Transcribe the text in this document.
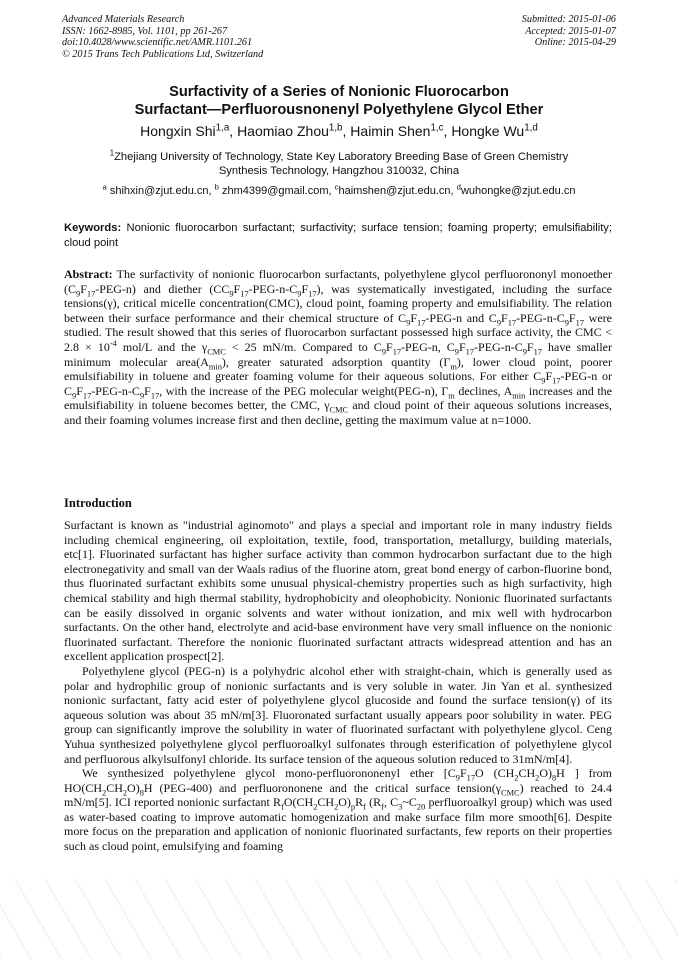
Advanced Materials Research
ISSN: 1662-8985, Vol. 1101, pp 261-267
doi:10.4028/www.scientific.net/AMR.1101.261
© 2015 Trans Tech Publications Ltd, Switzerland
Submitted: 2015-01-06
Accepted: 2015-01-07
Online: 2015-04-29
Surfactivity of a Series of Nonionic Fluorocarbon
Surfactant—Perfluorousnonenyl Polyethylene Glycol Ether
Hongxin Shi$^{1,a}$, Haomiao Zhou$^{1,b}$, Haimin Shen$^{1,c}$, Hongke Wu$^{1,d}$
$^1$Zhejiang University of Technology, State Key Laboratory Breeding Base of Green Chemistry
Synthesis Technology, Hangzhou 310032, China
$^a$ shihxin@zjut.edu.cn, $^b$ zhm4399@gmail.com, $^c$haimshen@zjut.edu.cn, $^d$wuhongke@zjut.edu.cn
Keywords: Nonionic fluorocarbon surfactant; surfactivity; surface tension; foaming property; emulsifiability; cloud point

Abstract: The surfactivity of nonionic fluorocarbon surfactants, polyethylene glycol perfluorononyl monoether $(C_9F_{17}-PEG-n)$ and diether $(CC_9F_{17}-PEG-n-C_9F_{17})$, was systematically investigated, including the surface tensions(γ), critical micelle concentration(CMC), cloud point, foaming property and emulsifiability. The relation between their surface performance and their chemical structure of $C_9F_{17}-PEG-n$ and $C_9F_{17}-PEG-n-C_9F_{17}$ were studied. The result showed that this series of fluorocarbon surfactant possessed high surface activity, the CMC < $2.8 \times 10^{-4}$ mol/L and the $\gamma_{CMC} < 25$ mN/m. Compared to $C_9F_{17}-PEG-n$, $C_9F_{17}-PEG-n-C_9F_{17}$ have smaller minimum molecular $area(A_{min})$, greater saturated adsorption quantity $(\Gamma_m)$, lower cloud point, poorer emulsifiability in toluene and greater foaming volume for their aqueous solutions. For either $C_9F_{17}-PEG-n$ or $C_9F_{17}-PEG-n-C_9F_{17}$, with the increase of the PEG molecular weight(PEG-n), $\Gamma_m$ declines, $A_{min}$ increases and the emulsifiability in toluene becomes better, the CMC, $\gamma_{CMC}$ and cloud point of their aqueous solutions increases, and their foaming volumes increase first and then decline, getting the maximum value at n=1000.

Introduction

Surfactant is known as "industrial aginomoto" and plays a special and important role in many industry fields including chemical engineering, oil exploitation, textile, food, transportation, metallurgy, building materials, etc[1]. Fluorinated surfactant has higher surface activity than common hydrocarbon surfactant due to the high electronegativity and small van der Waals radius of the fluorine atom, great bond energy of carbon-fluorine bond, thus fluorinated surfactant exhibits some unusual physical-chemistry properties such as high surfactivity, high chemical stability and high thermal stability, hydrophobicity and oleophobicity. Nonionic fluorinated surfactants can be easily dissolved in organic solvents and water without ionization, and mix well with hydrocarbon surfactants. On the other hand, electrolyte and acid-base environment have very small influence on the nonionic fluorinated surfactant. Therefore the nonionic fluorinated surfactant attracts widespread attention and has an excellent application prospect[2].

Polyethylene glycol (PEG-n) is a polyhydric alcohol ether with straight-chain, which is generally used as polar and hydrophilic group of nonionic surfactants and is very soluble in water. Jin Yan et al. synthesized nonionic surfactant, fatty acid ester of polyethylene glycol glucoside and found the surface tension(γ) of its aqueous solution was about 35 mN/m[3]. Fluoronated surfactant usually appears poor solubility in water. PEG group can significantly improve the solubility in water of fluorinated surfactant with polyethylene glycol. Ceng Yuhua synthesized polyethylene glycol perfluoroalkyl sulfonates through esterification of polyethylene glycol and perfluorous alkylsulfonyl chloride. Its surface tension of the aqueous solution reduced to 31mN/m[4].

We synthesized polyethylene glycol mono-perfluorononenyl ether [$C_9F_{17}O$ $(CH_2CH_2O)_8H$ ] from $HO(CH_2CH_2O)_8H$ (PEG-400) and perfluorononene and the critical surface $tension(\gamma_{CMC})$ reached to 24.4 mN/m[5]. ICI reported nonionic surfactant $R_fO(CH_2CH_2O)_pR_f$ ($R_f$, $C_3\sim C_{20}$ perfluoroalkyl group) which was used as water-based coating to improve automatic homogenization and make surface film more smooth[6]. Despite more focus on the preparation and application of nonionic fluorinated surfactants, few reports on their properties such as cloud point, emulsifying and foaming
